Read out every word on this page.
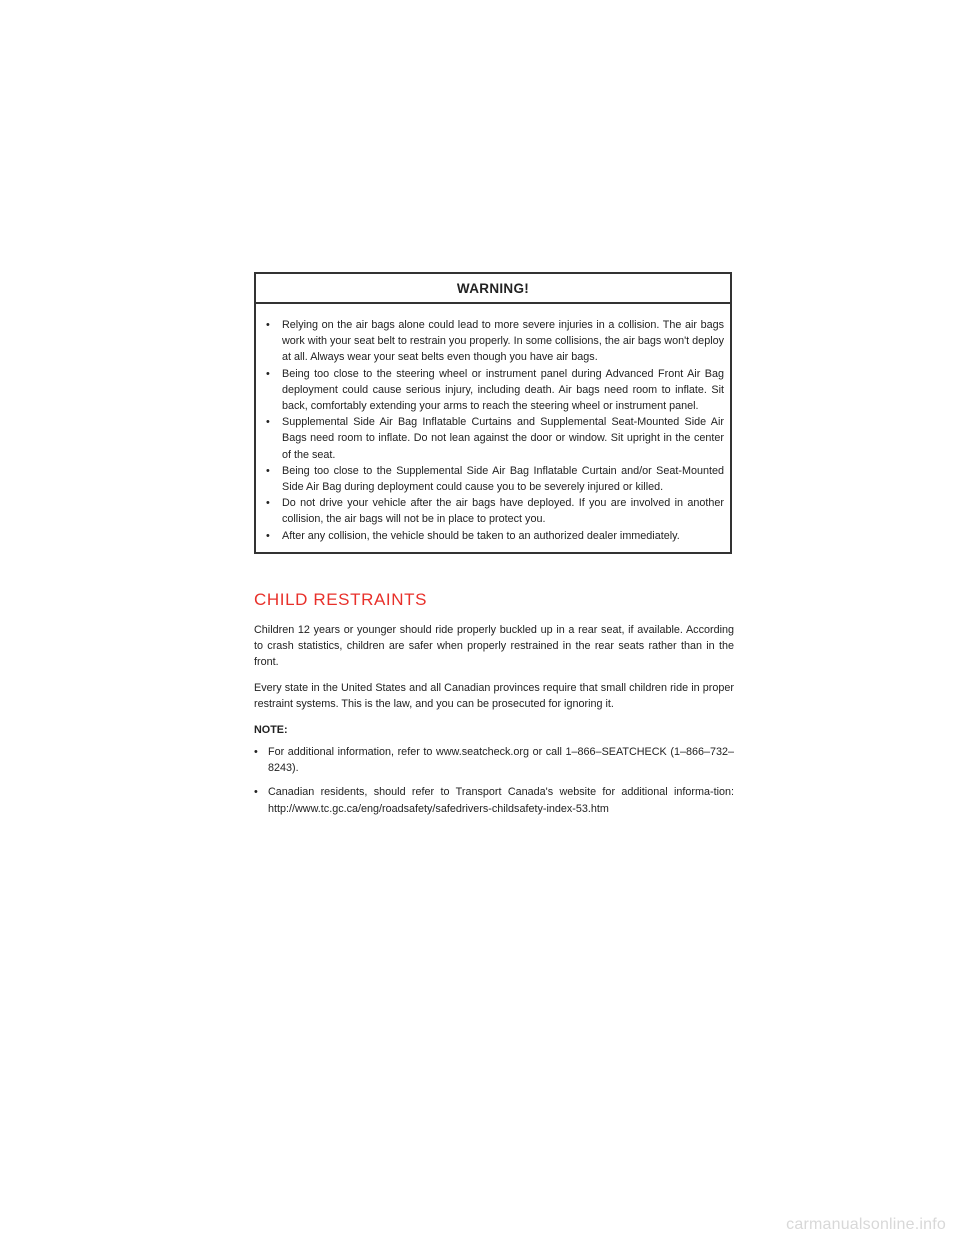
WARNING!
• Relying on the air bags alone could lead to more severe injuries in a collision. The air bags work with your seat belt to restrain you properly. In some collisions, the air bags won't deploy at all. Always wear your seat belts even though you have air bags.
• Being too close to the steering wheel or instrument panel during Advanced Front Air Bag deployment could cause serious injury, including death. Air bags need room to inflate. Sit back, comfortably extending your arms to reach the steering wheel or instrument panel.
• Supplemental Side Air Bag Inflatable Curtains and Supplemental Seat-Mounted Side Air Bags need room to inflate. Do not lean against the door or window. Sit upright in the center of the seat.
• Being too close to the Supplemental Side Air Bag Inflatable Curtain and/or Seat-Mounted Side Air Bag during deployment could cause you to be severely injured or killed.
• Do not drive your vehicle after the air bags have deployed. If you are involved in another collision, the air bags will not be in place to protect you.
• After any collision, the vehicle should be taken to an authorized dealer immediately.
CHILD RESTRAINTS

Children 12 years or younger should ride properly buckled up in a rear seat, if available. According to crash statistics, children are safer when properly restrained in the rear seats rather than in the front.

Every state in the United States and all Canadian provinces require that small children ride in proper restraint systems. This is the law, and you can be prosecuted for ignoring it.

NOTE:

• For additional information, refer to www.seatcheck.org or call 1–866–SEATCHECK (1–866–732–8243).
• Canadian residents, should refer to Transport Canada's website for additional informa-tion: http://www.tc.gc.ca/eng/roadsafety/safedrivers-childsafety-index-53.htm
carmanualsonline.info
